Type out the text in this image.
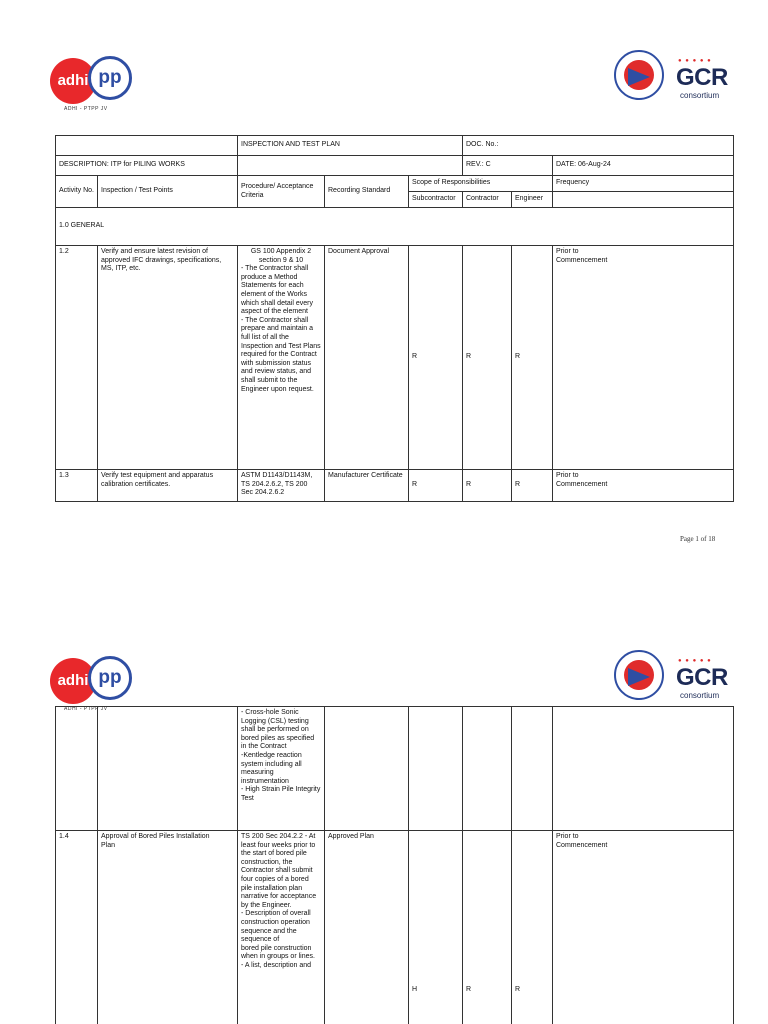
adhi pp
ADHI - PTPP JV
● ● ● ● ●
GCR
consortium
		INSPECTION AND TEST PLAN			DOC. No.:		
DESCRIPTION: ITP for PILING WORKS					REV.: C		DATE: 06-Aug-24
Activity No.	Inspection / Test Points	Procedure/ Acceptance Criteria	Recording Standard	Scope of Responsibilities			Frequency
				Subcontractor	Contractor	Engineer	
1.0 GENERAL							
1.2	Verify and ensure latest revision of approved IFC drawings, specifications, MS, ITP, etc.	GS 100 Appendix 2 section 9 & 10
- The Contractor shall produce a Method Statements for each element of the Works which shall detail every aspect of the element
- The Contractor shall prepare and maintain a full list of all the Inspection and Test Plans required for the Contract with submission status and review status, and shall submit to the
Engineer upon request.	Document Approval	R	R	R	Prior to Commencement

1.3	Verify test equipment and apparatus calibration certificates.	ASTM D1143/D1143M, TS 204.2.6.2, TS 200 Sec 204.2.6.2	Manufacturer Certificate	R	R	R	Prior to Commencement
Page 1 of 18
adhi pp
ADHI - PTPP JV
● ● ● ● ●
GCR
consortium
		- Cross-hole Sonic Logging (CSL) testing shall be performed on bored piles as specified
in the Contract
-Kentledge reaction system including all measuring
instrumentation
- High Strain Pile Integrity Test					
1.4	Approval of Bored Piles Installation Plan	TS 200 Sec 204.2.2 - At least four weeks prior to the start of bored pile construction, the Contractor shall submit four copies of a bored pile installation plan narrative for acceptance by the Engineer.
- Description of overall construction operation sequence and the sequence of
bored pile construction when in groups or lines.
- A list, description and	Approved Plan	H	R	R	Prior to Commencement
